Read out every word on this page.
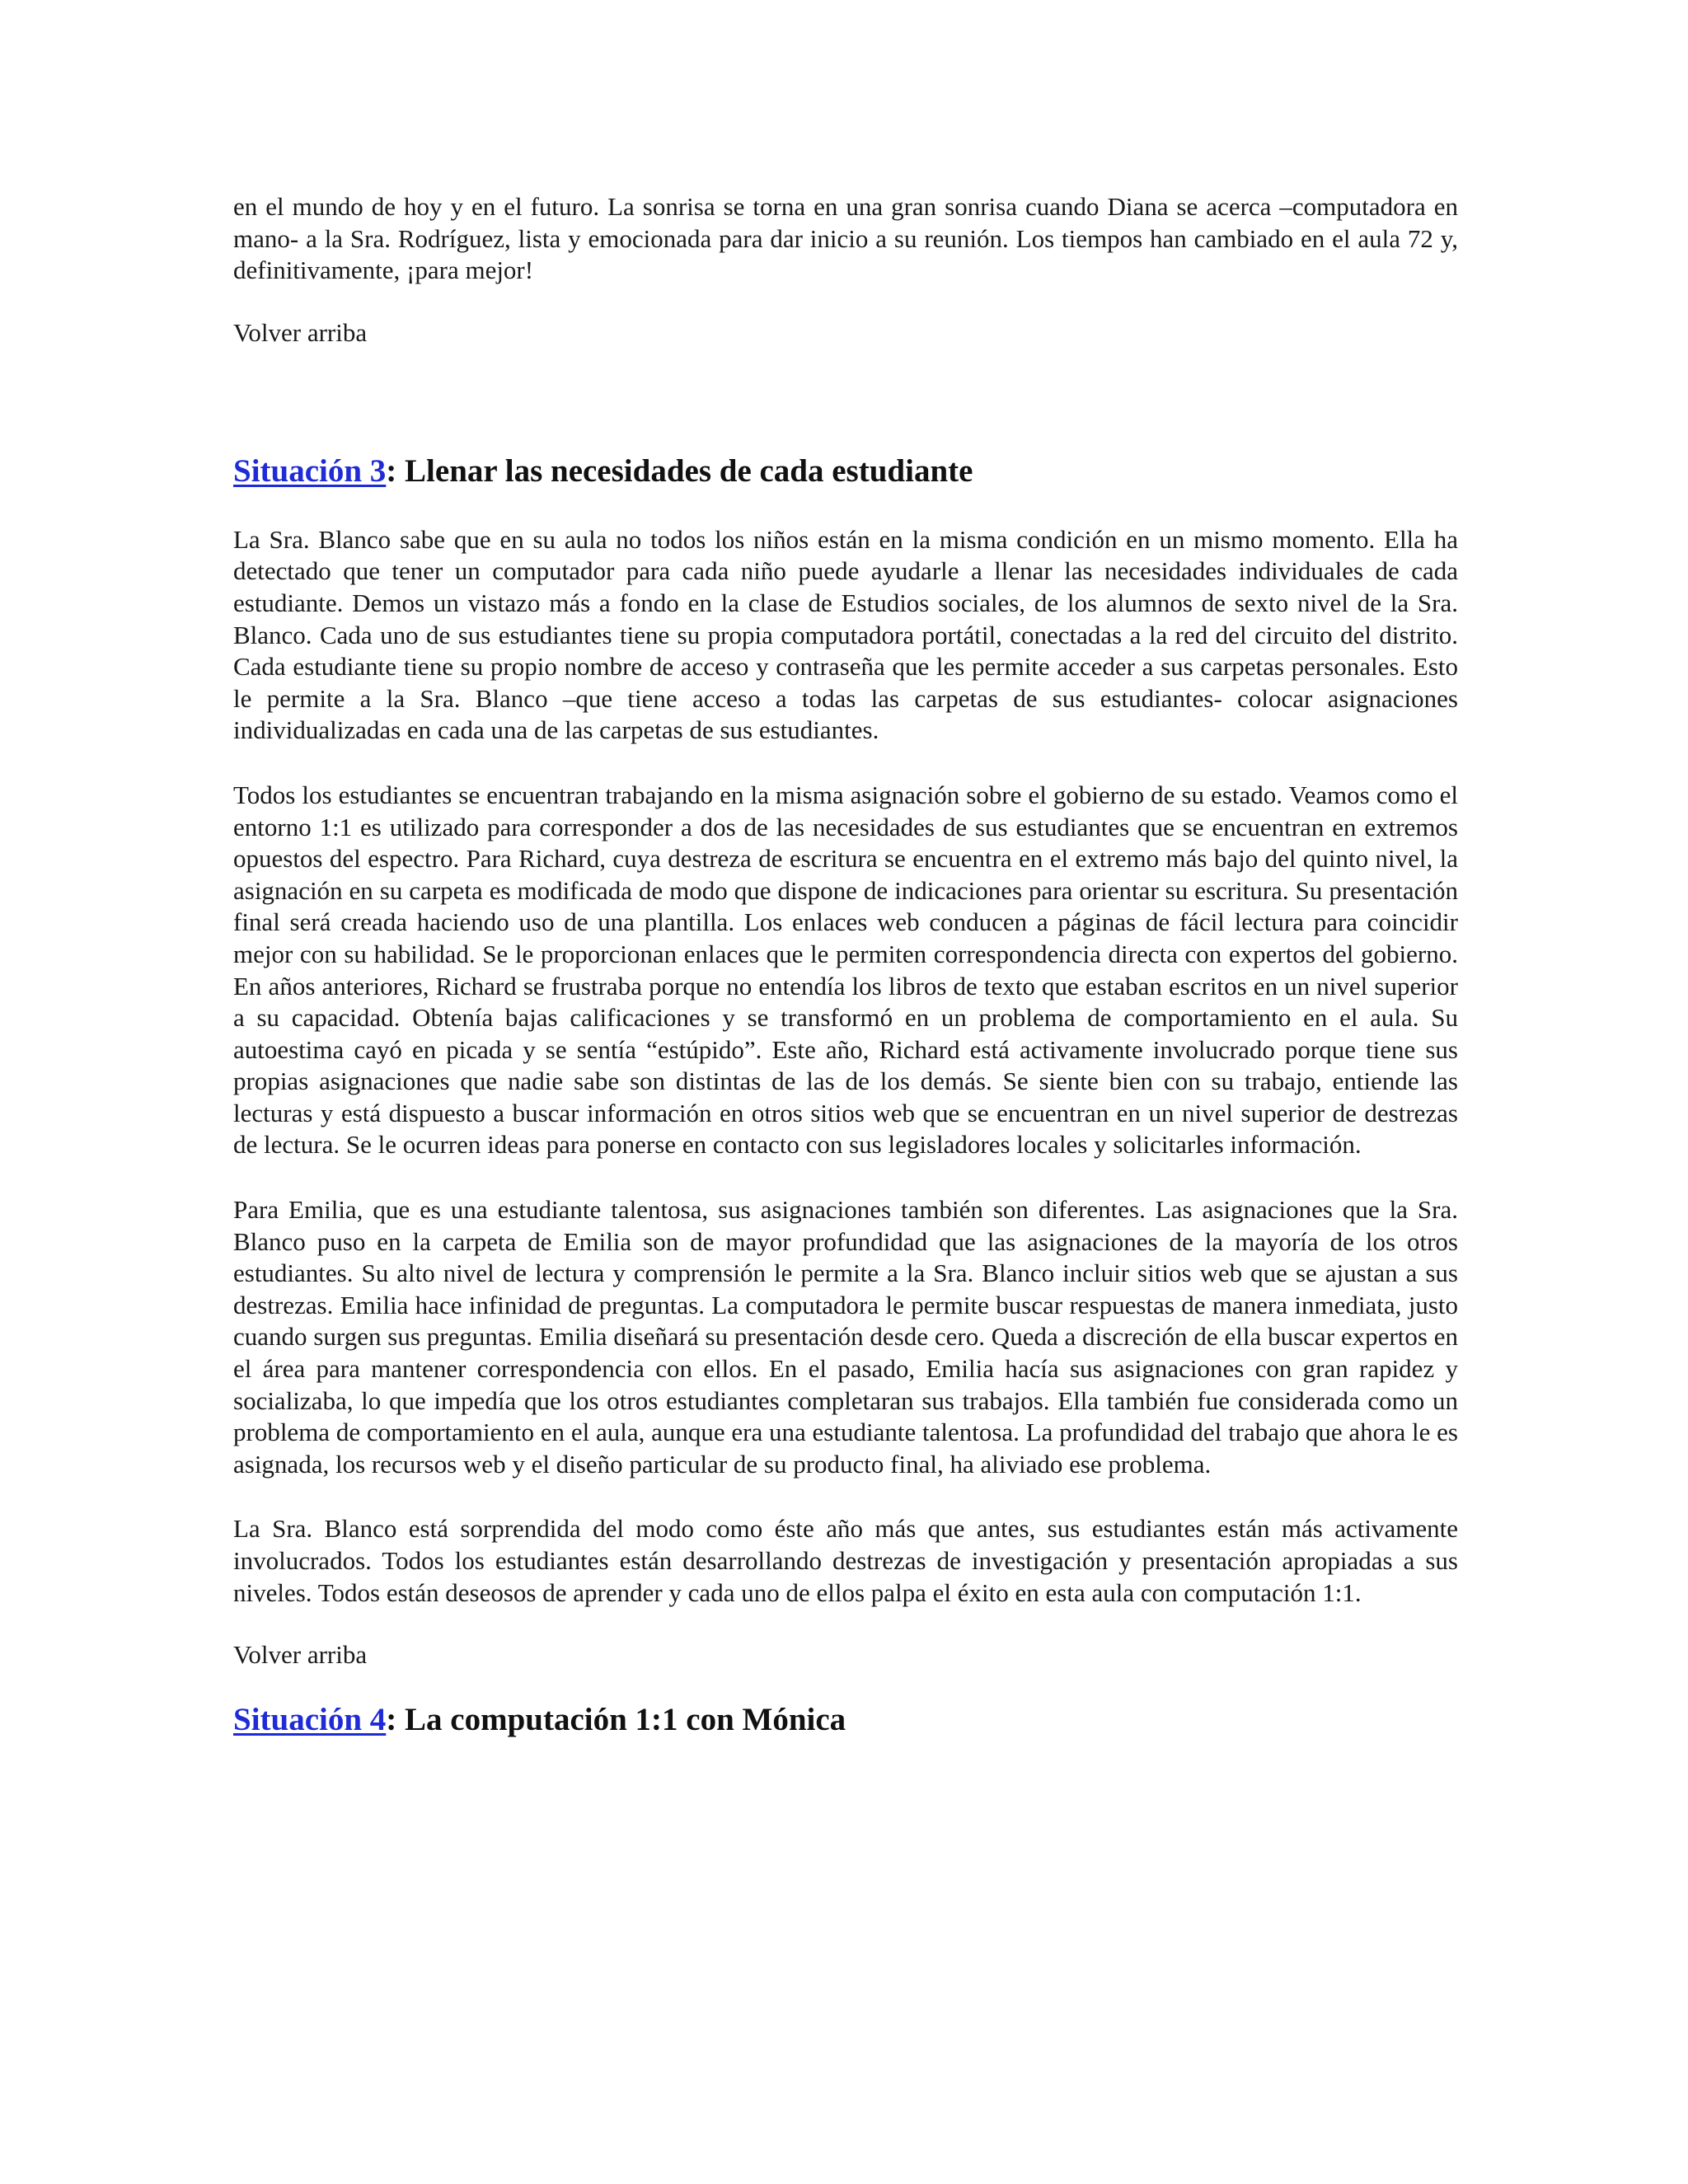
en el mundo de hoy y en el futuro. La sonrisa se torna en una gran sonrisa cuando Diana se acerca –computadora en mano- a la Sra. Rodríguez, lista y emocionada para dar inicio a su reunión. Los tiempos han cambiado en el aula 72 y, definitivamente, ¡para mejor!

Volver arriba
Situación 3: Llenar las necesidades de cada estudiante

La Sra. Blanco sabe que en su aula no todos los niños están en la misma condición en un mismo momento. Ella ha detectado que tener un computador para cada niño puede ayudarle a llenar las necesidades individuales de cada estudiante. Demos un vistazo más a fondo en la clase de Estudios sociales, de los alumnos de sexto nivel de la Sra. Blanco. Cada uno de sus estudiantes tiene su propia computadora portátil, conectadas a la red del circuito del distrito. Cada estudiante tiene su propio nombre de acceso y contraseña que les permite acceder a sus carpetas personales. Esto le permite a la Sra. Blanco –que tiene acceso a todas las carpetas de sus estudiantes- colocar asignaciones individualizadas en cada una de las carpetas de sus estudiantes.

Todos los estudiantes se encuentran trabajando en la misma asignación sobre el gobierno de su estado. Veamos como el entorno 1:1 es utilizado para corresponder a dos de las necesidades de sus estudiantes que se encuentran en extremos opuestos del espectro. Para Richard, cuya destreza de escritura se encuentra en el extremo más bajo del quinto nivel, la asignación en su carpeta es modificada de modo que dispone de indicaciones para orientar su escritura. Su presentación final será creada haciendo uso de una plantilla. Los enlaces web conducen a páginas de fácil lectura para coincidir mejor con su habilidad. Se le proporcionan enlaces que le permiten correspondencia directa con expertos del gobierno. En años anteriores, Richard se frustraba porque no entendía los libros de texto que estaban escritos en un nivel superior a su capacidad. Obtenía bajas calificaciones y se transformó en un problema de comportamiento en el aula. Su autoestima cayó en picada y se sentía “estúpido”. Este año, Richard está activamente involucrado porque tiene sus propias asignaciones que nadie sabe son distintas de las de los demás. Se siente bien con su trabajo, entiende las lecturas y está dispuesto a buscar información en otros sitios web que se encuentran en un nivel superior de destrezas de lectura. Se le ocurren ideas para ponerse en contacto con sus legisladores locales y solicitarles información.

Para Emilia, que es una estudiante talentosa, sus asignaciones también son diferentes. Las asignaciones que la Sra. Blanco puso en la carpeta de Emilia son de mayor profundidad que las asignaciones de la mayoría de los otros estudiantes. Su alto nivel de lectura y comprensión le permite a la Sra. Blanco incluir sitios web que se ajustan a sus destrezas. Emilia hace infinidad de preguntas. La computadora le permite buscar respuestas de manera inmediata, justo cuando surgen sus preguntas. Emilia diseñará su presentación desde cero. Queda a discreción de ella buscar expertos en el área para mantener correspondencia con ellos. En el pasado, Emilia hacía sus asignaciones con gran rapidez y socializaba, lo que impedía que los otros estudiantes completaran sus trabajos. Ella también fue considerada como un problema de comportamiento en el aula, aunque era una estudiante talentosa. La profundidad del trabajo que ahora le es asignada, los recursos web y el diseño particular de su producto final, ha aliviado ese problema.

La Sra. Blanco está sorprendida del modo como éste año más que antes, sus estudiantes están más activamente involucrados. Todos los estudiantes están desarrollando destrezas de investigación y presentación apropiadas a sus niveles. Todos están deseosos de aprender y cada uno de ellos palpa el éxito en esta aula con computación 1:1.

Volver arriba
Situación 4: La computación 1:1 con Mónica
